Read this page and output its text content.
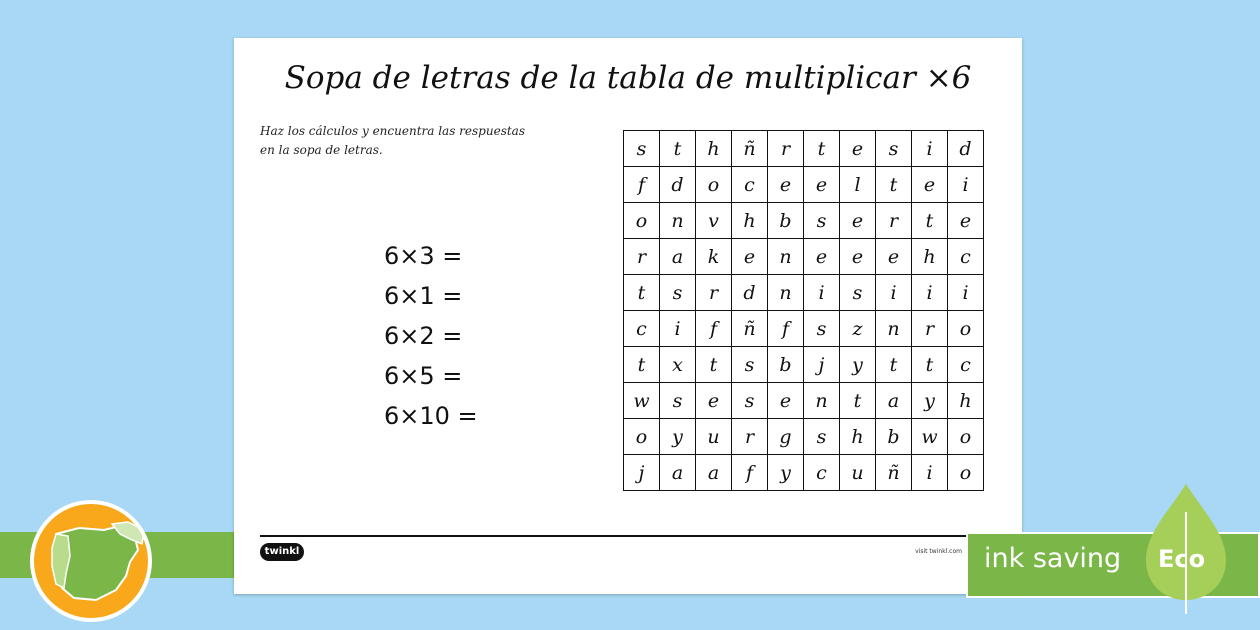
Sopa de letras de la tabla de multiplicar ×6
Haz los cálculos y encuentra las respuestas
en la sopa de letras.
6×3 =
6×1 =
6×2 =
6×5 =
6×10 =
s	t	h	ñ	r	t	e	s	i	d
f	d	o	c	e	e	l	t	e	i
o	n	v	h	b	s	e	r	t	e
r	a	k	e	n	e	e	e	h	c
t	s	r	d	n	i	s	i	i	i
c	i	f	ñ	f	s	z	n	r	o
t	x	t	s	b	j	y	t	t	c
w	s	e	s	e	n	t	a	y	h
o	y	u	r	g	s	h	b	w	o
j	a	a	f	y	c	u	ñ	i	o
twinkl	visit twinkl.com ink saving Eco
